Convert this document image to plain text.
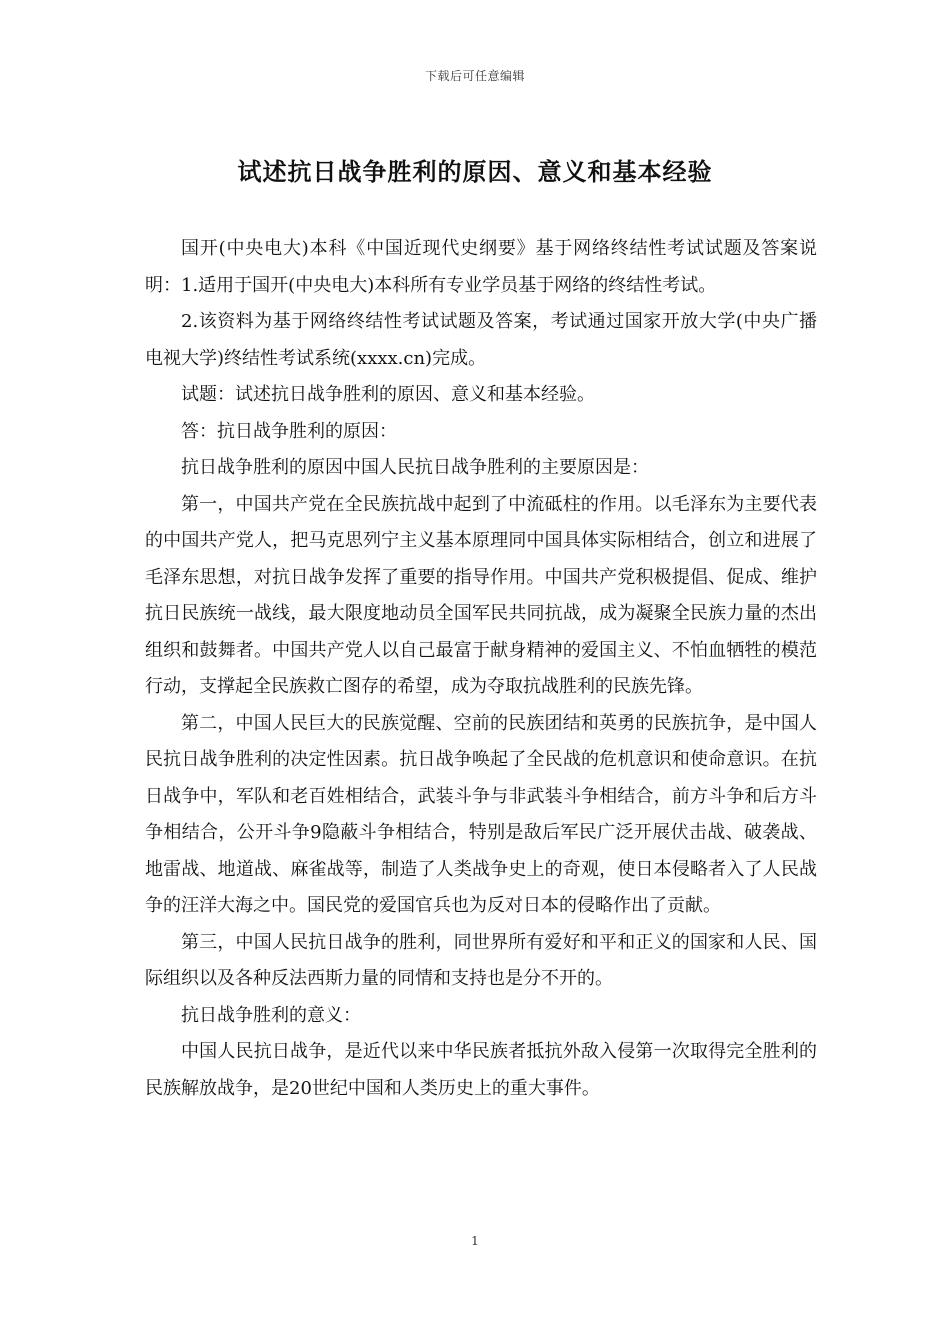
下载后可任意编辑
试述抗日战争胜利的原因、意义和基本经验

国开(中央电大)本科《中国近现代史纲要》基于网络终结性考试试题及答案说明：1.适用于国开(中央电大)本科所有专业学员基于网络的终结性考试。

2.该资料为基于网络终结性考试试题及答案，考试通过国家开放大学(中央广播电视大学)终结性考试系统(xxxx.cn)完成。

试题：试述抗日战争胜利的原因、意义和基本经验。

答：抗日战争胜利的原因：

抗日战争胜利的原因中国人民抗日战争胜利的主要原因是：

第一，中国共产党在全民族抗战中起到了中流砥柱的作用。以毛泽东为主要代表的中国共产党人，把马克思列宁主义基本原理同中国具体实际相结合，创立和进展了毛泽东思想，对抗日战争发挥了重要的指导作用。中国共产党积极提倡、促成、维护抗日民族统一战线，最大限度地动员全国军民共同抗战，成为凝聚全民族力量的杰出组织和鼓舞者。中国共产党人以自己最富于献身精神的爱国主义、不怕血牺牲的模范行动，支撑起全民族救亡图存的希望，成为夺取抗战胜利的民族先锋。

第二，中国人民巨大的民族觉醒、空前的民族团结和英勇的民族抗争，是中国人民抗日战争胜利的决定性因素。抗日战争唤起了全民战的危机意识和使命意识。在抗日战争中，军队和老百姓相结合，武装斗争与非武装斗争相结合，前方斗争和后方斗争相结合，公开斗争9隐蔽斗争相结合，特别是敌后军民广泛开展伏击战、破袭战、地雷战、地道战、麻雀战等，制造了人类战争史上的奇观，使日本侵略者入了人民战争的汪洋大海之中。国民党的爱国官兵也为反对日本的侵略作出了贡献。

第三，中国人民抗日战争的胜利，同世界所有爱好和平和正义的国家和人民、国际组织以及各种反法西斯力量的同情和支持也是分不开的。

抗日战争胜利的意义：

中国人民抗日战争，是近代以来中华民族者抵抗外敌入侵第一次取得完全胜利的民族解放战争，是20世纪中国和人类历史上的重大事件。

1
